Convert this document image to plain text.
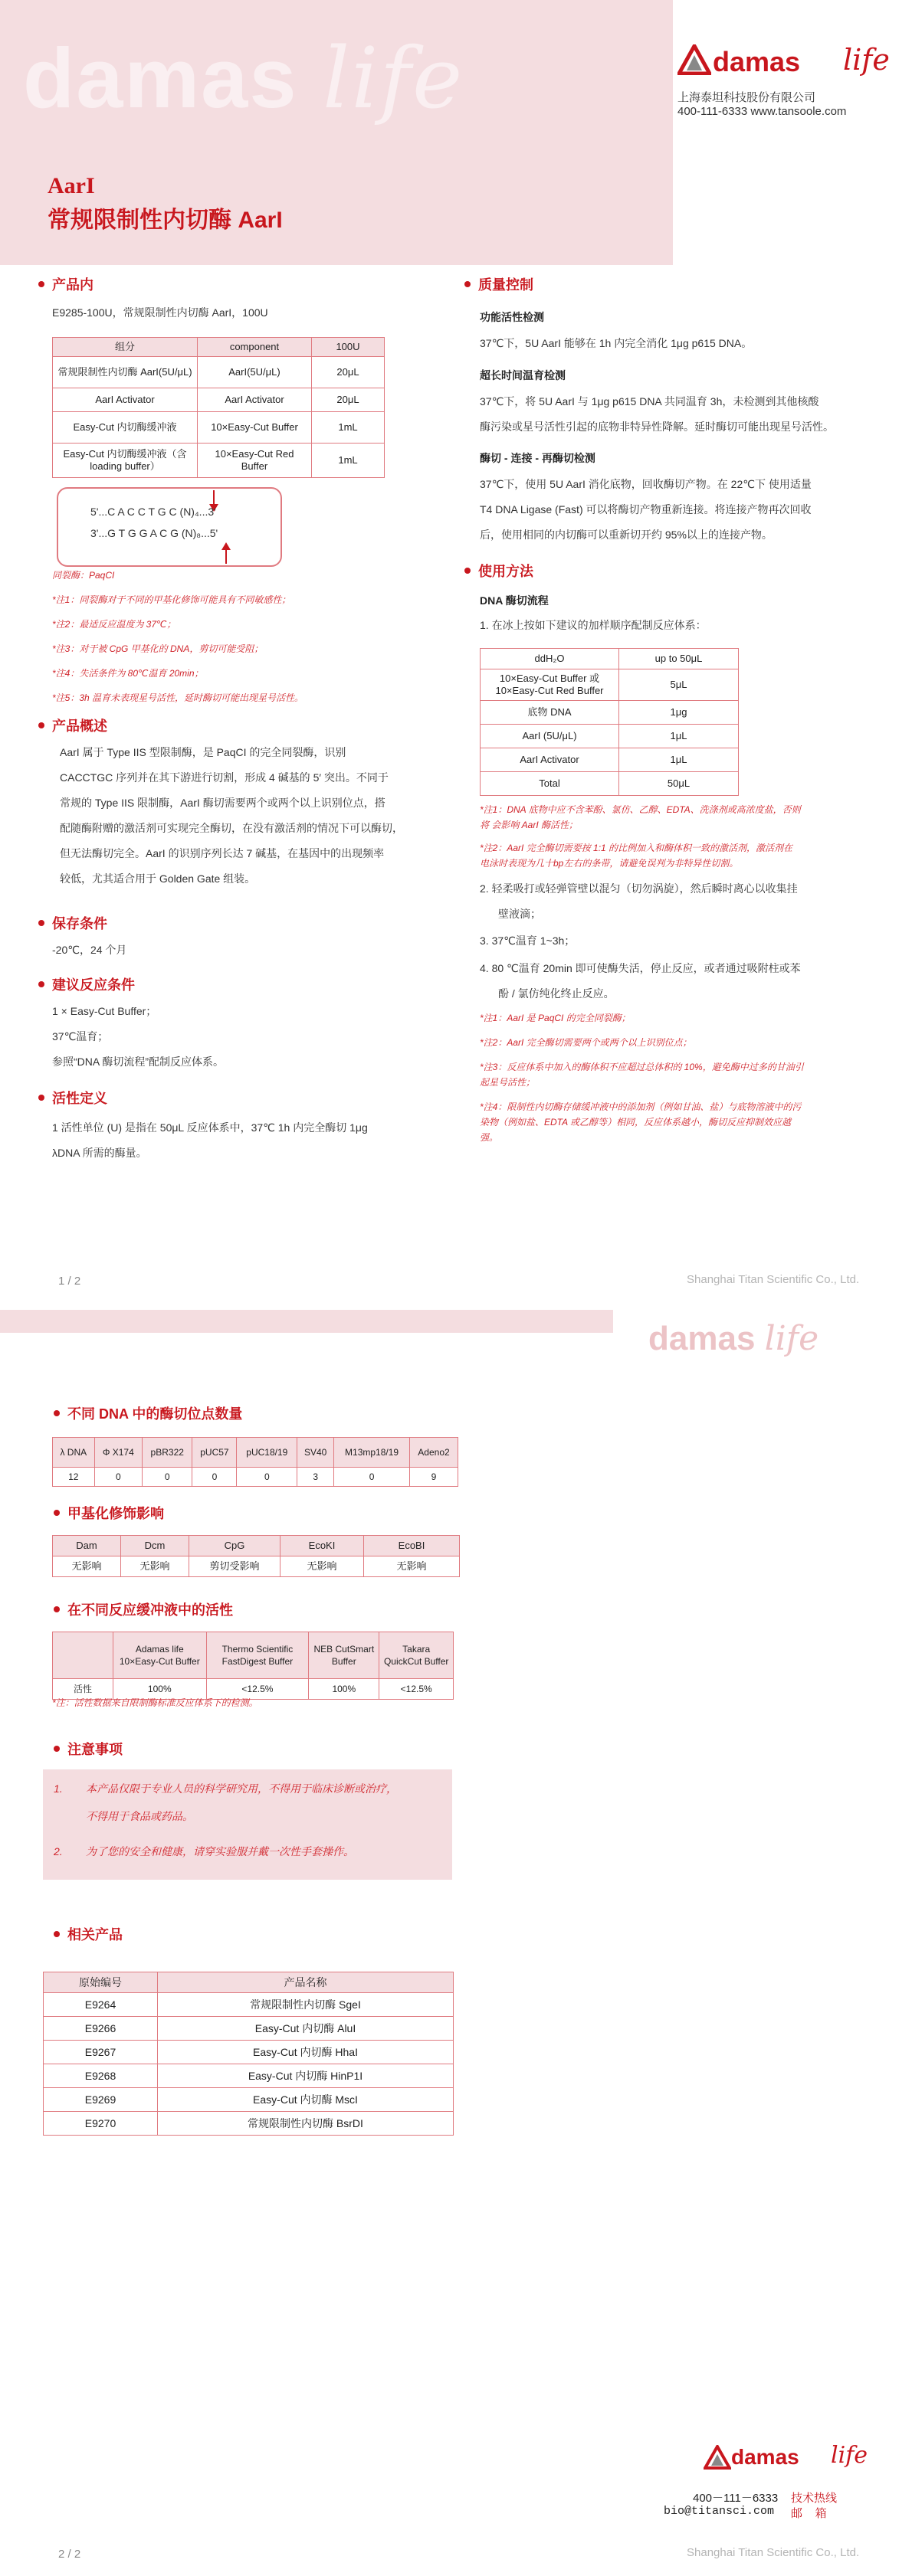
damas life	damas life
上海泰坦科技股份有限公司
400-111-6333 www.tansoole.com
AarI
常规限制性内切酶 AarI
产品内
E9285-100U，常规限制性内切酶 AarI，100U
组分	component	100U
常规限制性内切酶 AarI(5U/μL)	AarI(5U/μL)	20μL
AarI Activator	AarI Activator	20μL
Easy-Cut 内切酶缓冲液	10×Easy-Cut Buffer	1mL
Easy-Cut 内切酶缓冲液（含 loading buffer）	10×Easy-Cut Red Buffer	1mL
5'...C A C C T G C (N)₄...3'
3'...G T G G A C G (N)₈...5'
同裂酶：PaqCI
*注1：同裂酶对于不同的甲基化修饰可能具有不同敏感性；
*注2：最适反应温度为 37℃；
*注3：对于被 CpG 甲基化的 DNA，剪切可能受阻；
*注4：失活条件为 80℃温育 20min；
*注5：3h 温育未表现星号活性，延时酶切可能出现星号活性。
产品概述
AarI 属于 Type IIS 型限制酶，是 PaqCI 的完全同裂酶，识别
CACCTGC 序列并在其下游进行切割，形成 4 碱基的 5′ 突出。不同于
常规的 Type IIS 限制酶，AarI 酶切需要两个或两个以上识别位点，搭
配随酶附赠的激活剂可实现完全酶切，在没有激活剂的情况下可以酶切，
但无法酶切完全。AarI 的识别序列长达 7 碱基，在基因中的出现频率
较低，尤其适合用于 Golden Gate 组装。
保存条件
-20℃，24 个月
建议反应条件
1 × Easy-Cut Buffer；
37℃温育；
参照“DNA 酶切流程”配制反应体系。
活性定义
1 活性单位 (U) 是指在 50μL 反应体系中，37℃ 1h 内完全酶切 1μg
λDNA 所需的酶量。
质量控制
功能活性检测
37℃下，5U AarI 能够在 1h 内完全消化 1μg p615 DNA。
超长时间温育检测
37℃下，将 5U AarI 与 1μg p615 DNA 共同温育 3h，未检测到其他核酸
酶污染或星号活性引起的底物非特异性降解。延时酶切可能出现星号活性。
酶切 - 连接 - 再酶切检测
37℃下，使用 5U AarI 消化底物，回收酶切产物。在 22℃下 使用适量
T4 DNA Ligase (Fast) 可以将酶切产物重新连接。将连接产物再次回收
后，使用相同的内切酶可以重新切开约 95%以上的连接产物。
使用方法
DNA 酶切流程
1. 在冰上按如下建议的加样顺序配制反应体系：
ddH₂O	up to 50μL
10×Easy-Cut Buffer 或 10×Easy-Cut Red Buffer	5μL
底物 DNA	1μg
AarI (5U/μL)	1μL
AarI Activator	1μL
Total	50μL
*注1：DNA 底物中应不含苯酚、氯仿、乙醇、EDTA、洗涤剂或高浓度盐，否则
将 会影响 AarI 酶活性；
*注2：AarI 完全酶切需要按 1:1 的比例加入和酶体积一致的激活剂，激活剂在
电泳时表现为几十bp左右的条带，请避免误判为非特异性切割。
2. 轻柔吸打或轻弹管壁以混匀（切勿涡旋），然后瞬时离心以收集挂
壁液滴；
3. 37℃温育 1~3h；
4. 80 ℃温育 20min 即可使酶失活，停止反应，或者通过吸附柱或苯
酚 / 氯仿纯化终止反应。
*注1：AarI 是 PaqCI 的完全同裂酶；
*注2：AarI 完全酶切需要两个或两个以上识别位点；
*注3：反应体系中加入的酶体积不应超过总体积的 10%，避免酶中过多的甘油引
起星号活性；
*注4：限制性内切酶存储缓冲液中的添加剂（例如甘油、盐）与底物溶液中的污
染物（例如盐、EDTA 或乙醇等）相同，反应体系越小，酶切反应抑制效应越
强。
1 / 2	Shanghai Titan Scientific Co., Ltd.
damas life
不同 DNA 中的酶切位点数量
λ DNA	Φ X174	pBR322	pUC57	pUC18/19	SV40	M13mp18/19	Adeno2
12	0	0	0	0	3	0	9
甲基化修饰影响
Dam	Dcm	CpG	EcoKI	EcoBI
无影响	无影响	剪切受影响	无影响	无影响
在不同反应缓冲液中的活性
	Adamas life 10×Easy-Cut Buffer	Thermo Scientific FastDigest Buffer	NEB CutSmart Buffer	Takara QuickCut Buffer
活性	100%	<12.5%	100%	<12.5%
*注：活性数据来自限制酶标准反应体系下的检测。
注意事项
1. 本产品仅限于专业人员的科学研究用，不得用于临床诊断或治疗，
不得用于食品或药品。
2. 为了您的安全和健康，请穿实验服并戴一次性手套操作。
相关产品
原始编号	产品名称
E9264	常规限制性内切酶 SgeI
E9266	Easy-Cut 内切酶 AluI
E9267	Easy-Cut 内切酶 HhaI
E9268	Easy-Cut 内切酶 HinP1I
E9269	Easy-Cut 内切酶 MscI
E9270	常规限制性内切酶 BsrDI
damas life
400－111－6333
bio@titansci.com
技术热线
邮    箱
2 / 2	Shanghai Titan Scientific Co., Ltd.
